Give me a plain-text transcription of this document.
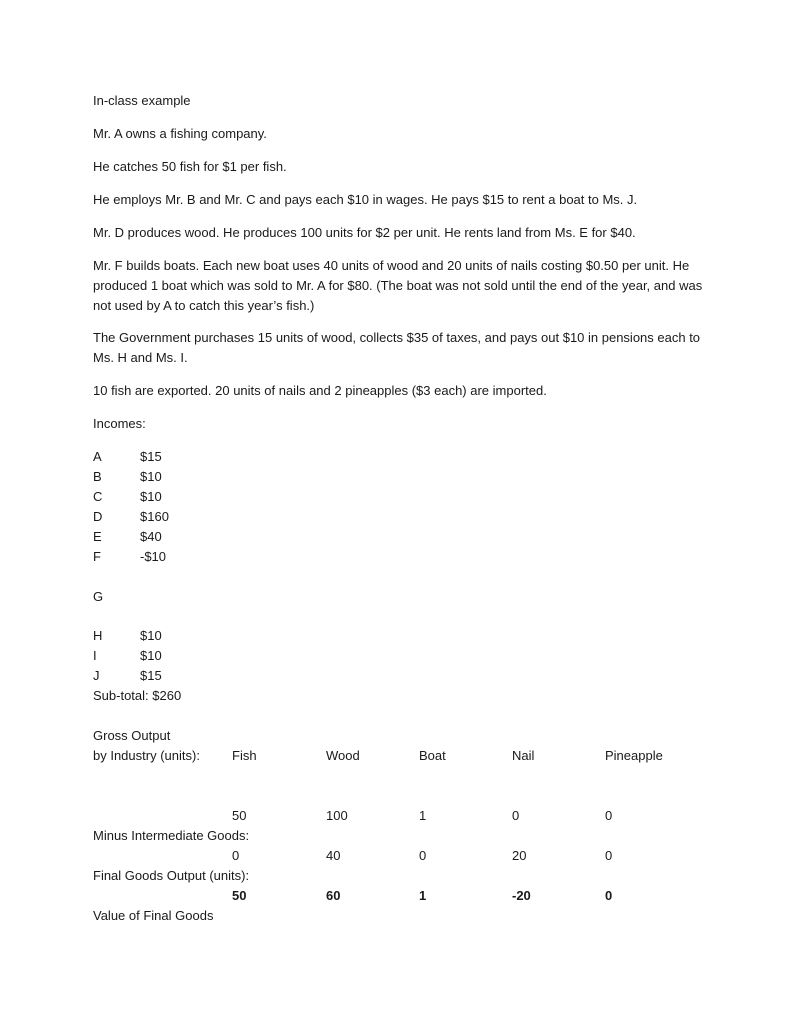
In-class example

Mr. A owns a fishing company.

He catches 50 fish for $1 per fish.

He employs Mr. B and Mr. C and pays each $10 in wages. He pays $15 to rent a boat to Ms. J.

Mr. D produces wood. He produces 100 units for $2 per unit. He rents land from Ms. E for $40.

Mr. F builds boats. Each new boat uses 40 units of wood and 20 units of nails costing $0.50 per unit. He produced 1 boat which was sold to Mr. A for $80. (The boat was not sold until the end of the year, and was not used by A to catch this year’s fish.)

The Government purchases 15 units of wood, collects $35 of taxes, and pays out $10 in pensions each to Ms. H and Ms. I.

10 fish are exported. 20 units of nails and 2 pineapples ($3 each) are imported.

Incomes:
A	$15
B	$10
C	$10
D	$160
E	$40
F	-$10
G
H	$10
I	$10
J	$15
Sub-total: $260
Gross Output
by Industry (units): Fish	Wood	Boat	Nail	Pineapple
50	100	1	0	0
Minus Intermediate Goods:
0	40	0	20	0
Final Goods Output (units):
50	60	1	-20	0
Value of Final Goods
